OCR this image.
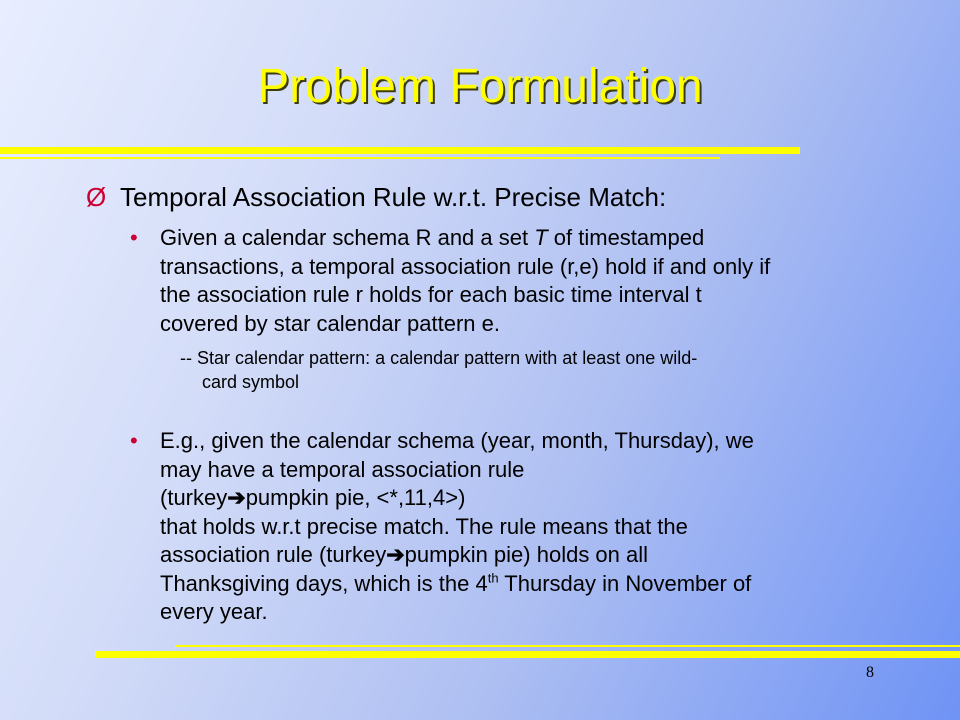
Problem Formulation
Ø Temporal Association Rule w.r.t. Precise Match:
• Given a calendar schema R and a set T of timestamped
transactions, a temporal association rule (r,e) hold if and only if
the association rule r holds for each basic time interval t
covered by star calendar pattern e.
-- Star calendar pattern: a calendar pattern with at least one wild-
card symbol
• E.g., given the calendar schema (year, month, Thursday), we
may have a temporal association rule
(turkey➔pumpkin pie, <*,11,4>)
that holds w.r.t precise match. The rule means that the
association rule (turkey➔pumpkin pie) holds on all
Thanksgiving days, which is the 4th Thursday in November of
every year.
8
